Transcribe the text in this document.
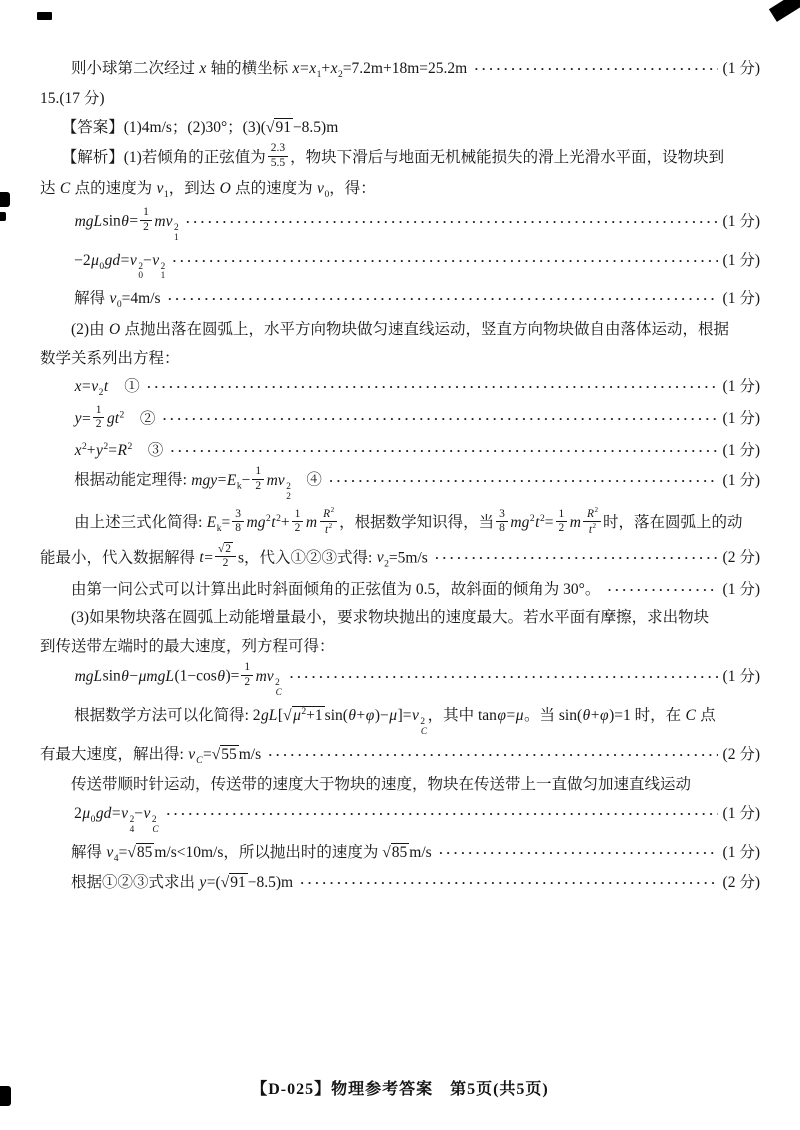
则小球第二次经过 x 轴的横坐标 $x=x_1+x_2=7.2m+18m=25.2m$ ·····	(1 分)
15.(17 分)
【答案】(1)4m/s；(2)30°；(3)(√91 −8.5)m
【解析】(1)若倾角的正弦值为 $\frac{2.3}{5.5}$ ，物块下滑后与地面无机械能损失的滑上光滑水平面，设物块到
达 C 点的速度为 $v_1$，到达 O 点的速度为 $v_0$，得：
$mgLsin\theta= \frac{1}{2}$ mv 2
1
·····
(1 分)
$-2\mu_0gd=v$ 2
0
−v 2
1
·····
(1 分)
解得 $v_0=4m/s$ ·····	(1 分)
(2)由 O 点抛出落在圆弧上，水平方向物块做匀速直线运动，竖直方向物块做自由落体运动，根据
数学关系列出方程：
$x=v_2t$　① ·····	(1 分)
$y= \frac{1}{2} gt^2$　② ·····	(1 分)
$x^2+y^2=R^2$　③ ·····	(1 分)
根据动能定理得: $mgy=E_k- \frac{1}{2}$ mv 2
2
　④ ·····	(1 分)
由上述三式化简得: $E_k= \frac{3}{8} mg^2t^2+ \frac{1}{2}$ m $\frac{R^2}{t^2}$ ，根据数学知识得，当 $\frac{3}{8} mg^2t^2= \frac{1}{2}$ m $\frac{R^2}{t^2}$ 时，落在圆弧上的动
能最小，代入数据解得 $t= \frac{√2}{2}$ s，代入①②③式得: $v_2=5m/s$ ·····	(2 分)
由第一问公式可以计算出此时斜面倾角的正弦值为 0.5，故斜面的倾角为 30°。 ·····	(1 分)
(3)如果物块落在圆弧上动能增量最小，要求物块抛出的速度最大。若水平面有摩擦，求出物块
到传送带左端时的最大速度，列方程可得：
$mgLsin\theta-\mu mgL(1-\cos\theta)= \frac{1}{2}$ mv 2
C
·····
(1 分)
根据数学方法可以化简得: $2gL[√\mu^2+1$ sin(θ+φ)−μ]=v 2
C
，其中 tanφ=μ。当 sin(θ+φ)=1 时，在 C 点
有最大速度，解出得: $v_C=√55$ m/s ·····	(2 分)
传送带顺时针运动，传送带的速度大于物块的速度，物块在传送带上一直做匀加速直线运动
$2\mu_0gd=v$ 2
4
−v 2
C
·····
(1 分)
解得 $v_4=√85$ m/s<10m/s，所以抛出时的速度为 √85 m/s ·····	(1 分)
根据①②③式求出 y=(√91 −8.5)m ·····	(2 分)
【D-025】物理参考答案　第5页(共5页)
